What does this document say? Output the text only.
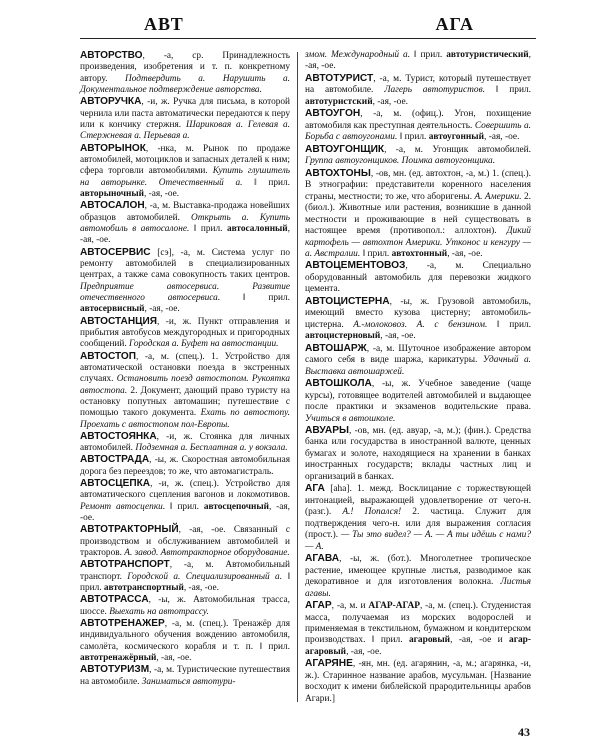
АВТ	АГА
АВТОРСТВО, -а, ср. Принадлежность произведения, изобретения и т. п. конкретному автору. Подтвердить а. Нарушить а. Документальное подтверждение авторства.
АВТОРУЧКА, -и, ж. Ручка для письма, в которой чернила или паста автоматически передаются к перу или к кончику стержня. Шариковая а. Гелевая а. Стержневая а. Перьевая а.
АВТОРЫНОК, -нка, м. Рынок по продаже автомобилей, мотоциклов и запасных деталей к ним; сфера торговли автомобилями. Купить глушитель на авторынке. Отечественный а. ‖ прил. авторыночный, -ая, -ое.
АВТОСАЛОН, -а, м. Выставка-продажа новейших образцов автомобилей. Открыть а. Купить автомобиль в автосалоне. ‖ прил. автосалонный, -ая, -ое.
АВТОСЕРВИС [сэ], -а, м. Система услуг по ремонту автомобилей в специализированных центрах, а также сама совокупность таких центров. Предприятие автосервиса. Развитие отечественного автосервиса. ‖ прил. автосервисный, -ая, -ое.
АВТОСТАНЦИЯ, -и, ж. Пункт отправления и прибытия автобусов междугородных и пригородных сообщений. Городская а. Буфет на автостанции.
АВТОСТОП, -а, м. (спец.). 1. Устройство для автоматической остановки поезда в экстренных случаях. Остановить поезд автостопом. Рукоятка автостопа. 2. Документ, дающий право туристу на остановку попутных автомашин; путешествие с помощью такого документа. Ехать по автостопу. Проехать с автостопом пол-Европы.
АВТОСТОЯНКА, -и, ж. Стоянка для личных автомобилей. Подземная а. Бесплатная а. у вокзала.
АВТОСТРАДА, -ы, ж. Скоростная автомобильная дорога без переездов; то же, что автомагистраль.
АВТОСЦЕПКА, -и, ж. (спец.). Устройство для автоматического сцепления вагонов и локомотивов. Ремонт автосцепки. ‖ прил. автосцепочный, -ая, -ое.
АВТОТРАКТОРНЫЙ, -ая, -ое. Связанный с производством и обслуживанием автомобилей и тракторов. А. завод. Автотракторное оборудование.
АВТОТРАНСПОРТ, -а, м. Автомобильный транспорт. Городской а. Специализированный а. ‖ прил. автотранспортный, -ая, -ое.
АВТОТРАССА, -ы, ж. Автомобильная трасса, шоссе. Выехать на автотрассу.
АВТОТРЕНАЖЕР, -а, м. (спец.). Тренажёр для индивидуального обучения вождению автомобиля, самолёта, космического корабля и т. п. ‖ прил. автотренажёрный, -ая, -ое.
АВТОТУРИЗМ, -а, м. Туристические путешествия на автомобиле. Заниматься автотури-
змом. Международный а. ‖ прил. автотуристический, -ая, -ое.
АВТОТУРИСТ, -а, м. Турист, который путешествует на автомобиле. Лагерь автотуристов. ‖ прил. автотуристский, -ая, -ое.
АВТОУГОН, -а, м. (офиц.). Угон, похищение автомобиля как преступная деятельность. Совершить а. Борьба с автоугонами. ‖ прил. автоугонный, -ая, -ое.
АВТОУГОНЩИК, -а, м. Угонщик автомобилей. Группа автоугонщиков. Поимка автоугонщика.
АВТОХТОНЫ, -ов, мн. (ед. автохтон, -а, м.) 1. (спец.). В этнографии: представители коренного населения страны, местности; то же, что аборигены. А. Америки. 2. (биол.). Животные или растения, возникшие в данной местности и проживающие в ней существовать в настоящее время (противопол.: аллохтон). Дикий картофель — автохтон Америки. Утконос и кенгуру — а. Австралии. ‖ прил. автохтонный, -ая, -ое.
АВТОЦЕМЕНТОВОЗ, -а, м. Специально оборудованный автомобиль для перевозки жидкого цемента.
АВТОЦИСТЕРНА, -ы, ж. Грузовой автомобиль, имеющий вместо кузова цистерну; автомобиль-цистерна. А.-молоковоз. А. с бензином. ‖ прил. автоцистерновый, -ая, -ое.
АВТОШАРЖ, -а, м. Шуточное изображение автором самого себя в виде шаржа, карикатуры. Удачный а. Выставка автошаржей.
АВТОШКОЛА, -ы, ж. Учебное заведение (чаще курсы), готовящее водителей автомобилей и выдающее после практики и экзаменов водительские права. Учиться в автошколе.
АВУАРЫ, -ов, мн. (ед. авуар, -а, м.); (фин.). Средства банка или государства в иностранной валюте, ценных бумагах и золоте, находящиеся на хранении в банках иностранных государств; вклады частных лиц и организаций в банках.
АГА [аhа]. 1. межд. Восклицание с торжествующей интонацией, выражающей удовлетворение от чего-н. (разг.). А.! Попался! 2. частица. Служит для подтверждения чего-н. или для выражения согласия (прост.). — Ты это видел? — А. — А ты идёшь с нами? — А.
АГАВА, -ы, ж. (бот.). Многолетнее тропическое растение, имеющее крупные листья, разводимое как декоративное и для изготовления волокна. Листья агавы.
АГАР, -а, м. и АГАР-АГАР, -а, м. (спец.). Студенистая масса, получаемая из морских водорослей и применяемая в текстильном, бумажном и кондитерском производствах. ‖ прил. агаровый, -ая, -ое и агар-агаровый, -ая, -ое.
АГАРЯНЕ, -ян, мн. (ед. агарянин, -а, м.; агарянка, -и, ж.). Старинное название арабов, мусульман. [Название восходит к имени библейской прародительницы арабов Агари.]
43
